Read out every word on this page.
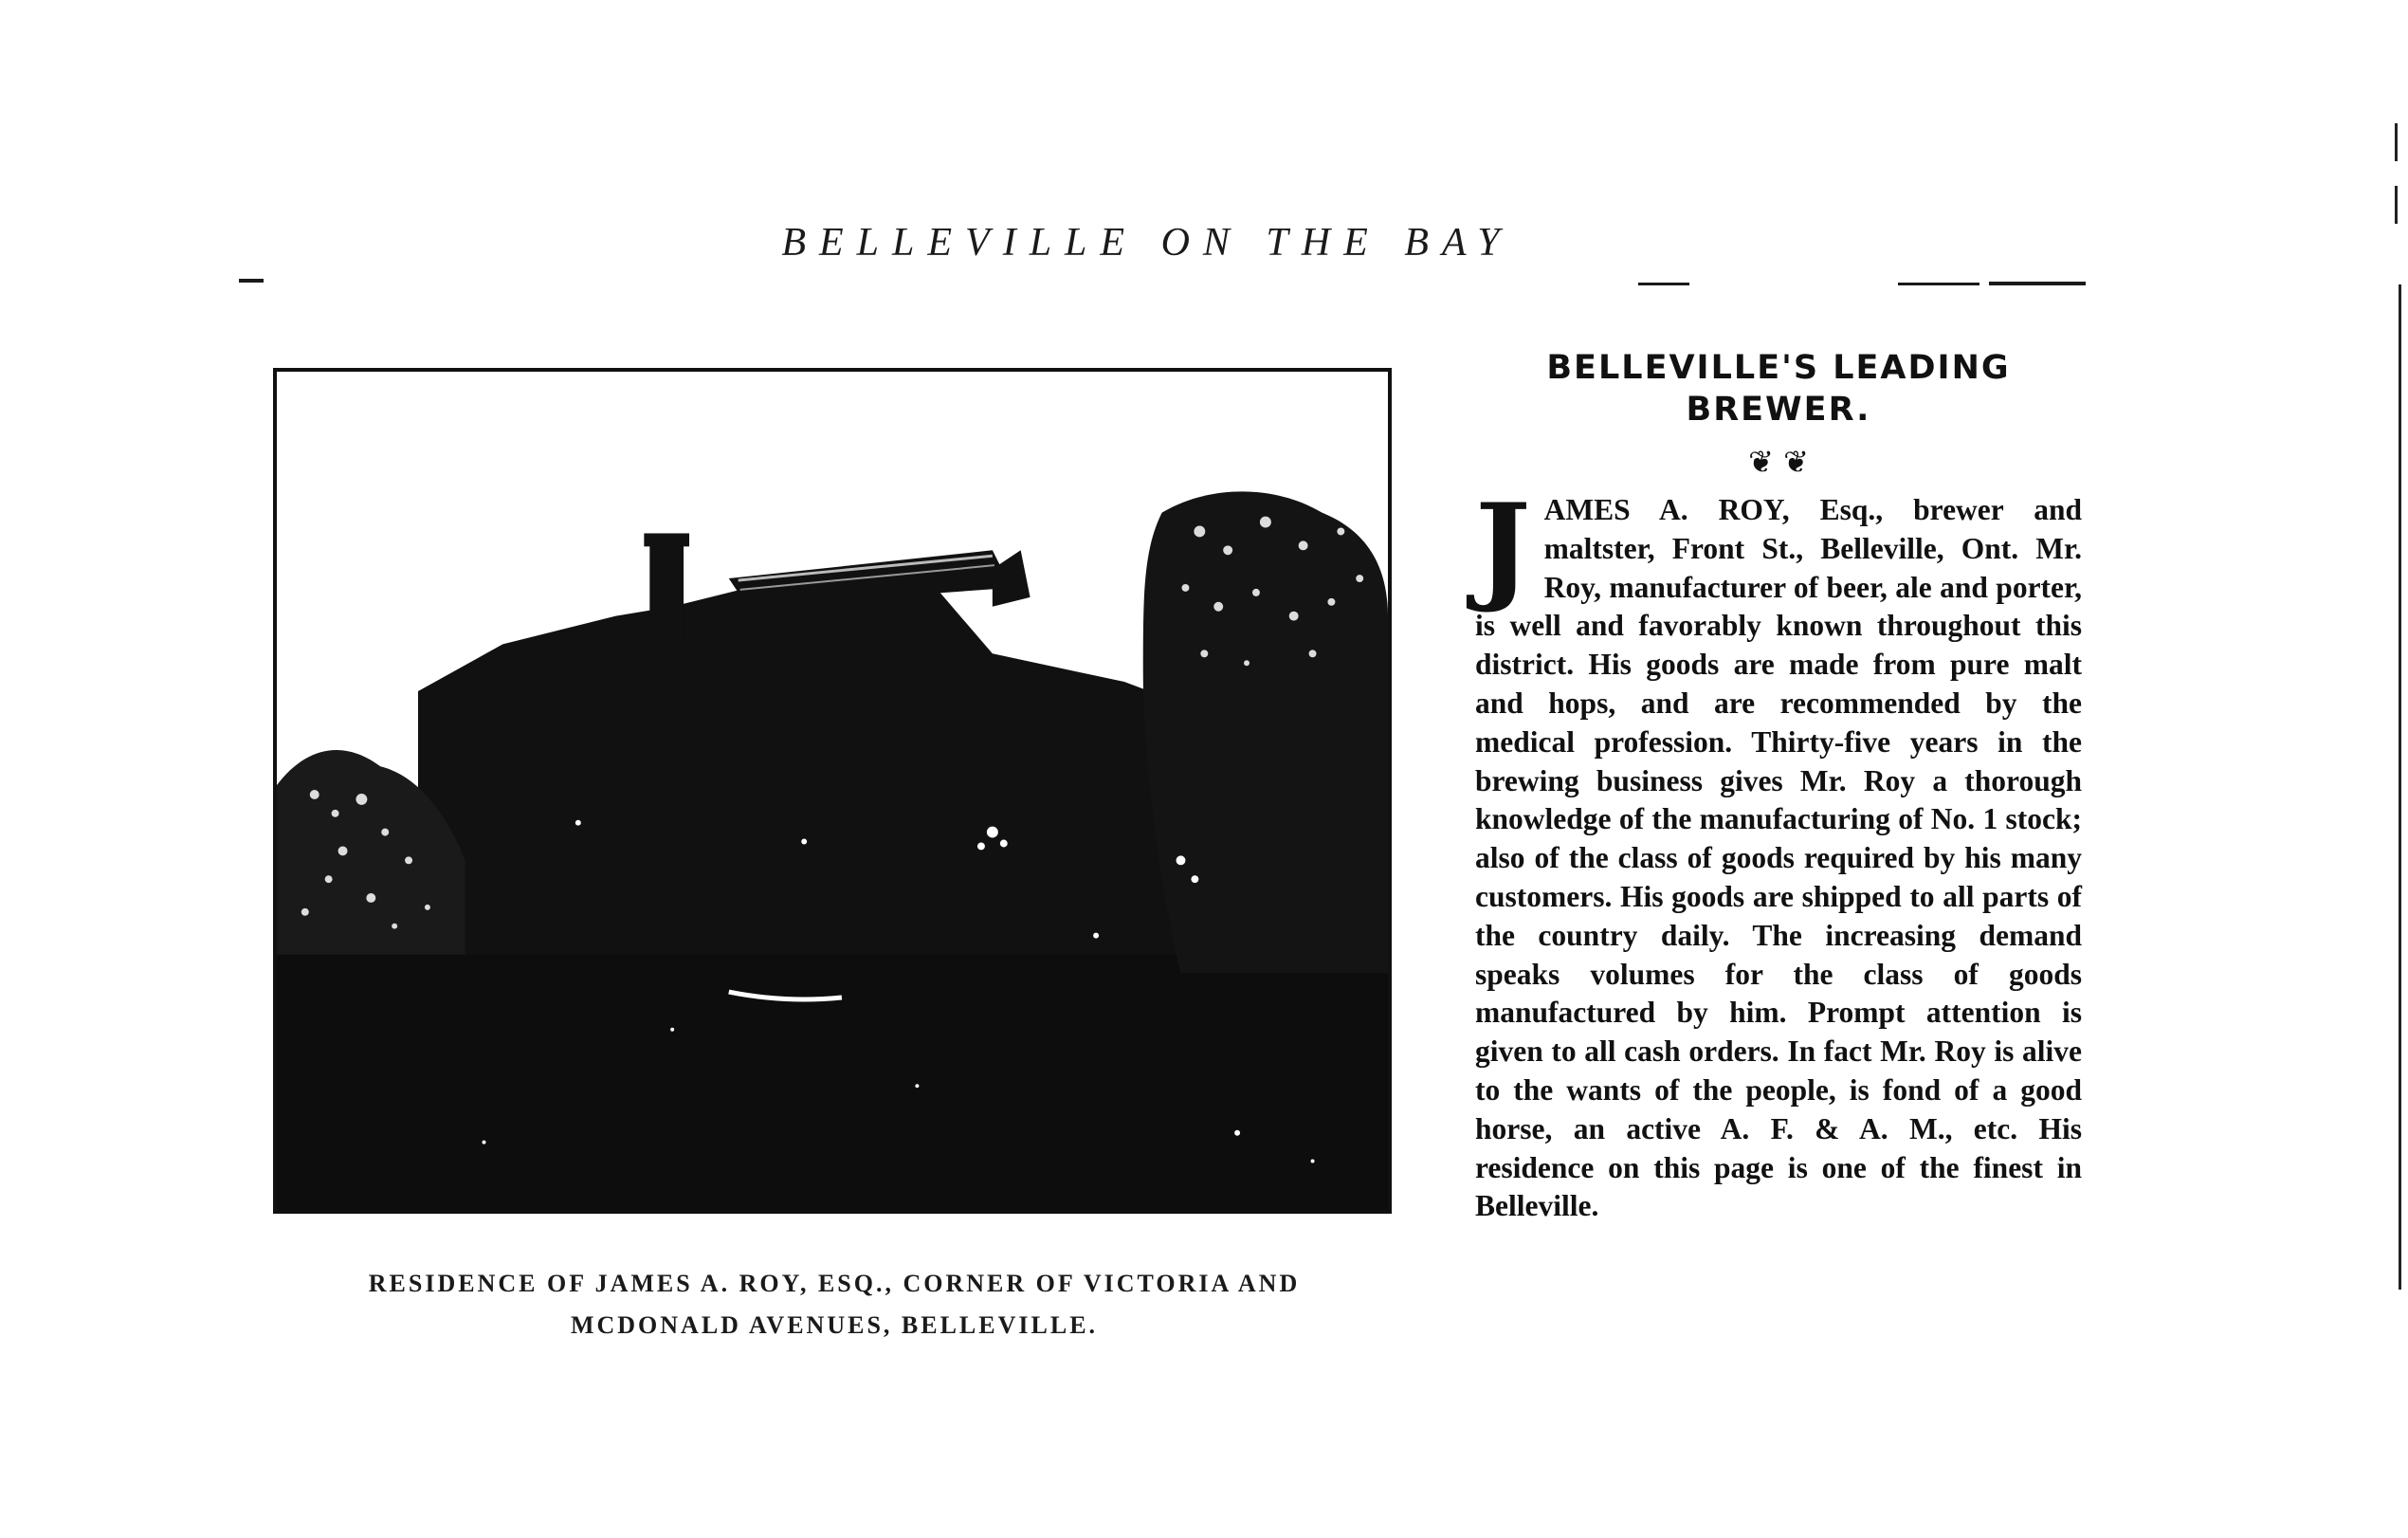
BELLEVILLE ON THE BAY
RESIDENCE OF JAMES A. ROY, ESQ., CORNER OF VICTORIA AND
MCDONALD AVENUES, BELLEVILLE.
BELLEVILLE'S LEADING BREWER.
❦ ❦
J AMES A. ROY, Esq., brewer and maltster, Front St., Belleville, Ont. Mr. Roy, manufacturer of beer, ale and porter, is well and favorably known throughout this district. His goods are made from pure malt and hops, and are recommended by the medical profession. Thirty-five years in the brewing business gives Mr. Roy a thorough knowledge of the manufacturing of No. 1 stock; also of the class of goods required by his many customers. His goods are shipped to all parts of the country daily. The increasing demand speaks volumes for the class of goods manufactured by him. Prompt attention is given to all cash orders. In fact Mr. Roy is alive to the wants of the people, is fond of a good horse, an active A. F. & A. M., etc. His residence on this page is one of the finest in Belleville.
